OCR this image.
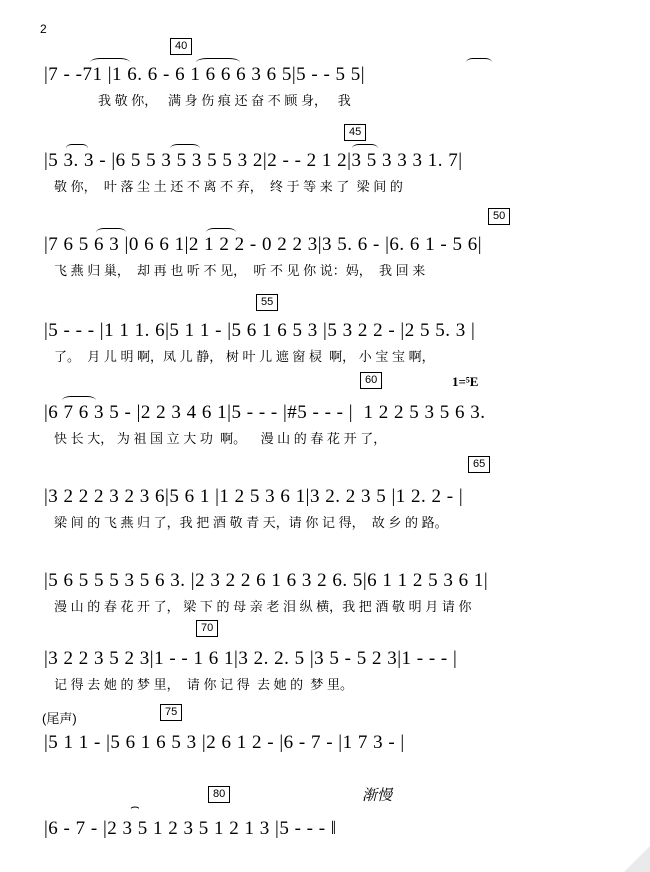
2
40
|7 - -71 |1 6. 6 - 6 1 6 6 6 3 6 5|5 - - 5 5|
我 敬 你，   满 身 伤 痕 还 奋 不 顾 身，   我
45
|5 3. 3 - |6 5 5 3 5 3 5 5 3 2|2 - - 2 1 2|3 5 3 3 3 1. 7|
敬 你，  叶 落 尘 土 还 不 离 不 弃，  终 于 等 来 了  梁 间 的
50
|7 6 5 6 3 |0 6 6 1|2 1 2 2 - 0 2 2 3|3 5. 6 - |6. 6 1 - 5 6|
飞 燕 归 巢，  却 再 也 听 不 见，  听 不 见 你 说：妈，  我 回 来
55
|5 - - - |1 1 1. 6|5 1 1 - |5 6 1 6 5 3 |5 3 2 2 - |2 5 5. 3 |
了。  月 儿 明 啊，凤 儿 静， 树 叶 儿 遮 窗 棂  啊， 小 宝 宝 啊，
60	1=⁵E
|6 7 6 3 5 - |2 2 3 4 6 1|5 - - - |#5 - - - |  1 2 2 5 3 5 6 3.
快 长 大， 为 祖 国 立 大 功  啊。    漫 山 的 春 花 开 了，
65
|3 2 2 2 3 2 3 6|5 6 1 |1 2 5 3 6 1|3 2. 2 3 5 |1 2. 2 - |
梁 间 的 飞 燕 归 了，我 把 酒 敬 青 天，请 你 记 得，  故 乡 的 路。
|5 6 5 5 5 3 5 6 3. |2 3 2 2 6 1 6 3 2 6. 5|6 1 1 2 5 3 6 1|
漫 山 的 春 花 开 了， 梁 下 的 母 亲 老 泪 纵 横，我 把 酒 敬 明 月 请 你
70
|3 2 2 3 5 2 3|1 - - 1 6 1|3 2. 2. 5 |3 5 - 5 2 3|1 - - - |
记 得 去 她 的 梦 里，  请 你 记 得  去 她 的  梦 里。
(尾声)	75
|5 1 1 - |5 6 1 6 5 3 |2 6 1 2 - |6 - 7 - |1 7 3 - |
80	渐慢
⌢
|6 - 7 - |2 3 5 1 2 3 5 1 2 1 3 |5 - - - ‖
